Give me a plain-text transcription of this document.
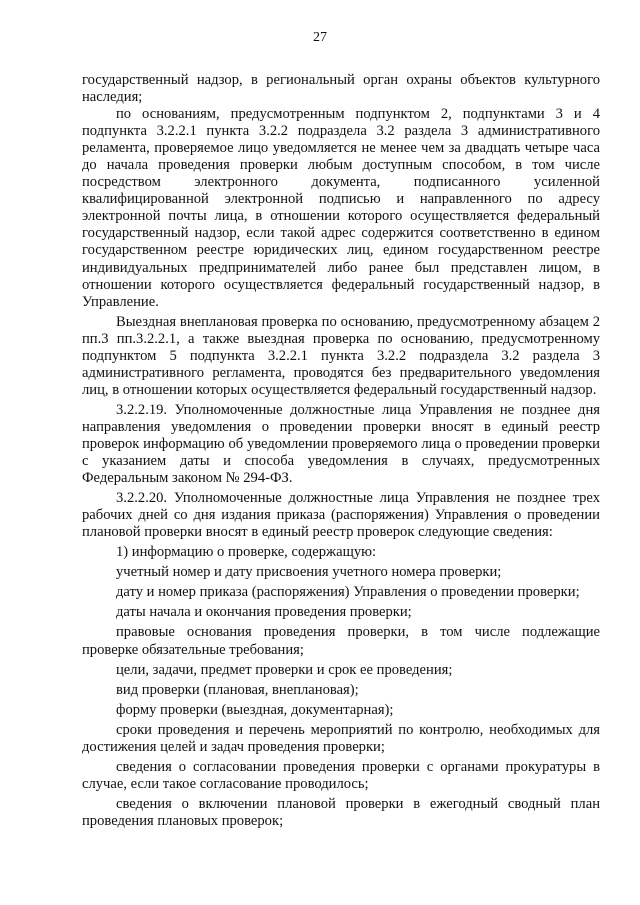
27

государственный надзор, в региональный орган охраны объектов культурного наследия;

по основаниям, предусмотренным подпунктом 2, подпунктами 3 и 4 подпункта 3.2.2.1 пункта 3.2.2 подраздела 3.2 раздела 3 административного реламента, проверяемое лицо уведомляется не менее чем за двадцать четыре часа до начала проведения проверки любым доступным способом, в том числе посредством электронного документа, подписанного усиленной квалифицированной электронной подписью и направленного по адресу электронной почты лица, в отношении которого осуществляется федеральный государственный надзор, если такой адрес содержится соответственно в едином государственном реестре юридических лиц, едином государственном реестре индивидуальных предпринимателей либо ранее был представлен лицом, в отношении которого осуществляется федеральный государственный надзор, в Управление.

Выездная внеплановая проверка по основанию, предусмотренному абзацем 2 пп.3 пп.3.2.2.1, а также выездная проверка по основанию, предусмотренному подпунктом 5 подпункта 3.2.2.1 пункта 3.2.2 подраздела 3.2 раздела 3 административного регламента, проводятся без предварительного уведомления лиц, в отношении которых осуществляется федеральный государственный надзор.

3.2.2.19. Уполномоченные должностные лица Управления не позднее дня направления уведомления о проведении проверки вносят в единый реестр проверок информацию об уведомлении проверяемого лица о проведении проверки с указанием даты и способа уведомления в случаях, предусмотренных Федеральным законом № 294-ФЗ.

3.2.2.20. Уполномоченные должностные лица Управления не позднее трех рабочих дней со дня издания приказа (распоряжения) Управления о проведении плановой проверки вносят в единый реестр проверок следующие сведения:

1) информацию о проверке, содержащую:

учетный номер и дату присвоения учетного номера проверки;

дату и номер приказа (распоряжения) Управления о проведении проверки;

даты начала и окончания проведения проверки;

правовые основания проведения проверки, в том числе подлежащие проверке обязательные требования;

цели, задачи, предмет проверки и срок ее проведения;

вид проверки (плановая, внеплановая);

форму проверки (выездная, документарная);

сроки проведения и перечень мероприятий по контролю, необходимых для достижения целей и задач проведения проверки;

сведения о согласовании проведения проверки с органами прокуратуры в случае, если такое согласование проводилось;

сведения о включении плановой проверки в ежегодный сводный план проведения плановых проверок;
